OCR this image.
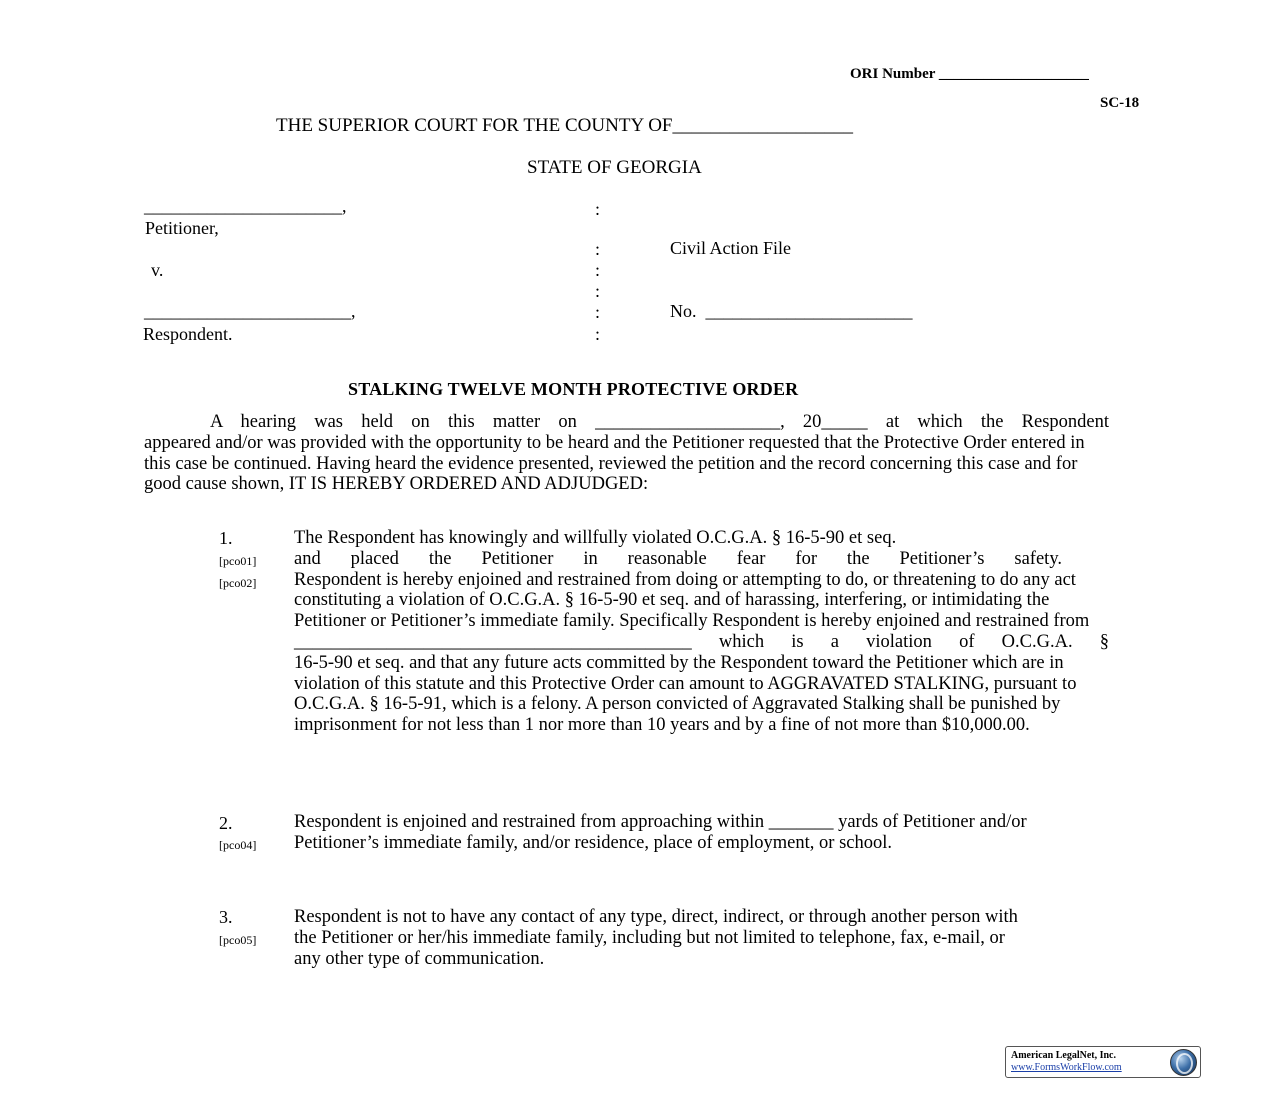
ORI Number ____________________
SC-18
THE SUPERIOR COURT FOR THE COUNTY OF___________________
STATE OF GEORGIA
______________________,
Petitioner,
v.
_______________________,
Respondent.
:
:
:
:
:
:
Civil Action File
No.  _______________________
STALKING TWELVE MONTH PROTECTIVE ORDER
A hearing was held on this matter on ____________________, 20_____ at which the Respondent
appeared and/or was provided with the opportunity to be heard and the Petitioner requested that the Protective Order entered in this case be continued. Having heard the evidence presented, reviewed the petition and the record concerning this case and for good cause shown, IT IS HEREBY ORDERED AND ADJUDGED:
1.
[pco01]
[pco02]
The Respondent has knowingly and willfully violated O.C.G.A. § 16-5-90 et seq.
and placed the Petitioner in reasonable fear for the Petitioner’s safety.
Respondent is hereby enjoined and restrained from doing or attempting to do, or threatening to do any act constituting a violation of O.C.G.A. § 16-5-90 et seq. and of harassing, interfering, or intimidating the Petitioner or Petitioner’s immediate family. Specifically Respondent is hereby enjoined and restrained from
___________________________________________ which is a violation of O.C.G.A. §
16-5-90 et seq. and that any future acts committed by the Respondent toward the Petitioner which are in violation of this statute and this Protective Order can amount to AGGRAVATED STALKING, pursuant to O.C.G.A. § 16-5-91, which is a felony. A person convicted of Aggravated Stalking shall be punished by imprisonment for not less than 1 nor more than 10 years and by a fine of not more than $10,000.00.
2.
[pco04]
Respondent is enjoined and restrained from approaching within _______ yards of Petitioner and/or Petitioner’s immediate family, and/or residence, place of employment, or school.
3.
[pco05]
Respondent is not to have any contact of any type, direct, indirect, or through another person with the Petitioner or her/his immediate family, including but not limited to telephone, fax, e-mail, or any other type of communication.
American LegalNet, Inc.
www.FormsWorkFlow.com
